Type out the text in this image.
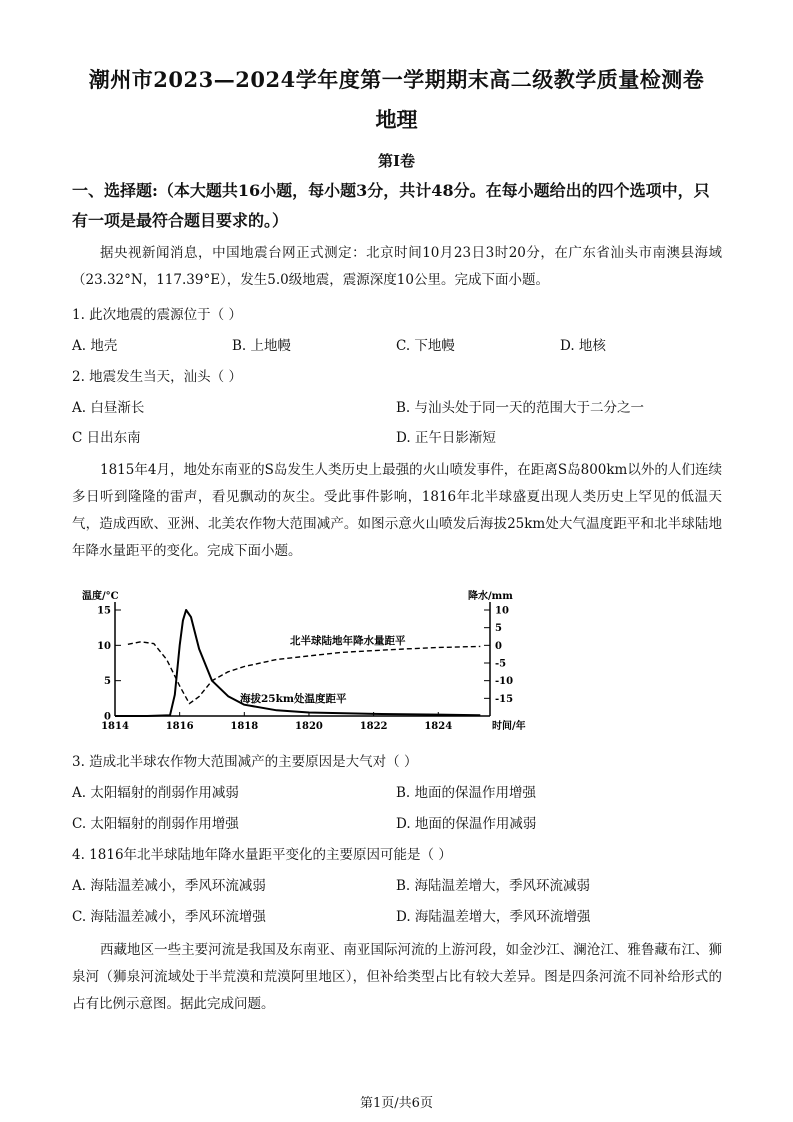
潮州市2023—2024学年度第一学期期末高二级教学质量检测卷
地理
第Ⅰ卷
一、选择题:（本大题共16小题，每小题3分，共计48分。在每小题给出的四个选项中，只
有一项是最符合题目要求的。）
据央视新闻消息，中国地震台网正式测定：北京时间10月23日3时20分，在广东省汕头市南澳县海域（23.32°N，117.39°E），发生5.0级地震，震源深度10公里。完成下面小题。
1. 此次地震的震源位于（ ）
A. 地壳	B. 上地幔	C. 下地幔	D. 地核
2. 地震发生当天，汕头（ ）
A. 白昼渐长	B. 与汕头处于同一天的范围大于二分之一
C 日出东南	D. 正午日影渐短
1815年4月，地处东南亚的S岛发生人类历史上最强的火山喷发事件，在距离S岛800km以外的人们连续多日听到隆隆的雷声，看见飘动的灰尘。受此事件影响，1816年北半球盛夏出现人类历史上罕见的低温天气，造成西欧、亚洲、北美农作物大范围减产。如图示意火山喷发后海拔25km处大气温度距平和北半球陆地年降水量距平的变化。完成下面小题。
温度/°C	降水/mm
0
5
10
15	10
5
0
-5
-10
-15
1814	1816	1818	1820	1822	1824	时间/年
北半球陆地年降水量距平
海拔25km处温度距平
3. 造成北半球农作物大范围减产的主要原因是大气对（ ）
A. 太阳辐射的削弱作用减弱	B. 地面的保温作用增强
C. 太阳辐射的削弱作用增强	D. 地面的保温作用减弱
4. 1816年北半球陆地年降水量距平变化的主要原因可能是（ ）
A. 海陆温差减小，季风环流减弱	B. 海陆温差增大，季风环流减弱
C. 海陆温差减小，季风环流增强	D. 海陆温差增大，季风环流增强
西藏地区一些主要河流是我国及东南亚、南亚国际河流的上游河段，如金沙江、澜沧江、雅鲁藏布江、狮泉河（狮泉河流域处于半荒漠和荒漠阿里地区），但补给类型占比有较大差异。图是四条河流不同补给形式的占有比例示意图。据此完成问题。
第1页/共6页
